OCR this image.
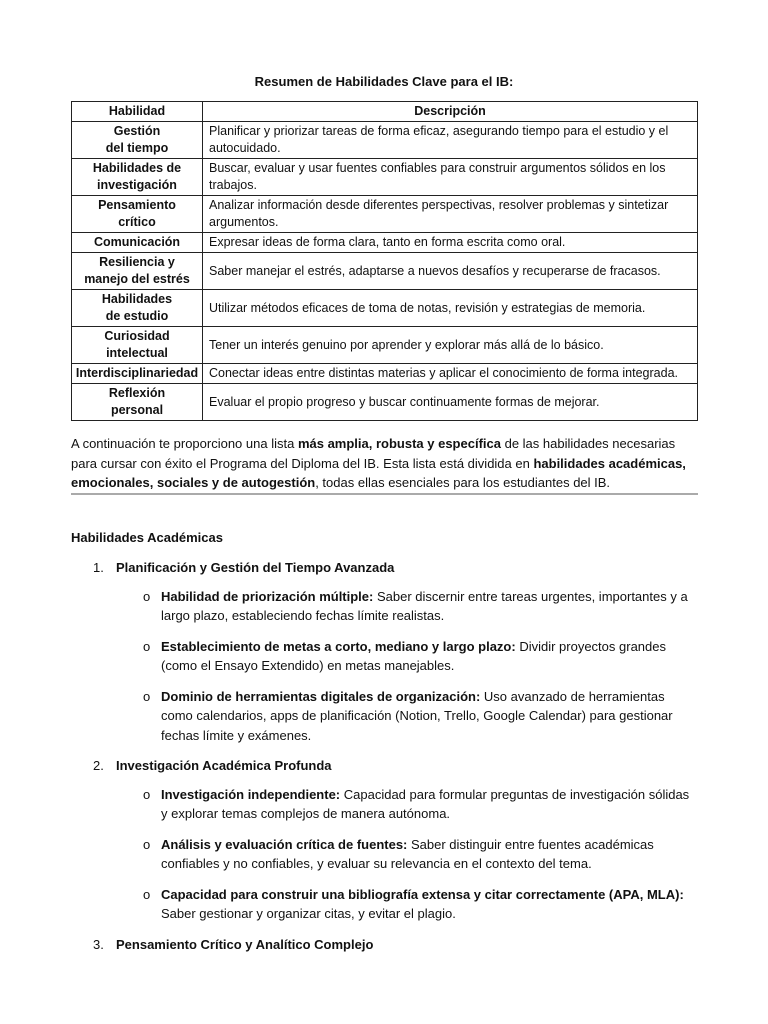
Resumen de Habilidades Clave para el IB:
Habilidad	Descripción
Gestión
del tiempo	Planificar y priorizar tareas de forma eficaz, asegurando tiempo para el estudio y el autocuidado.
Habilidades de
investigación	Buscar, evaluar y usar fuentes confiables para construir argumentos sólidos en los trabajos.
Pensamiento
crítico	Analizar información desde diferentes perspectivas, resolver problemas y sintetizar argumentos.
Comunicación	Expresar ideas de forma clara, tanto en forma escrita como oral.
Resiliencia y
manejo del estrés	Saber manejar el estrés, adaptarse a nuevos desafíos y recuperarse de fracasos.
Habilidades
de estudio	Utilizar métodos eficaces de toma de notas, revisión y estrategias de memoria.
Curiosidad
intelectual	Tener un interés genuino por aprender y explorar más allá de lo básico.
Interdisciplinariedad	Conectar ideas entre distintas materias y aplicar el conocimiento de forma integrada.
Reflexión
personal	Evaluar el propio progreso y buscar continuamente formas de mejorar.
A continuación te proporciono una lista más amplia, robusta y específica de las habilidades necesarias para cursar con éxito el Programa del Diploma del IB. Esta lista está dividida en habilidades académicas, emocionales, sociales y de autogestión, todas ellas esenciales para los estudiantes del IB.
Habilidades Académicas
1. Planificación y Gestión del Tiempo Avanzada
o Habilidad de priorización múltiple: Saber discernir entre tareas urgentes, importantes y a largo plazo, estableciendo fechas límite realistas.
o Establecimiento de metas a corto, mediano y largo plazo: Dividir proyectos grandes (como el Ensayo Extendido) en metas manejables.
o Dominio de herramientas digitales de organización: Uso avanzado de herramientas como calendarios, apps de planificación (Notion, Trello, Google Calendar) para gestionar fechas límite y exámenes.
2. Investigación Académica Profunda
o Investigación independiente: Capacidad para formular preguntas de investigación sólidas y explorar temas complejos de manera autónoma.
o Análisis y evaluación crítica de fuentes: Saber distinguir entre fuentes académicas confiables y no confiables, y evaluar su relevancia en el contexto del tema.
o Capacidad para construir una bibliografía extensa y citar correctamente (APA, MLA): Saber gestionar y organizar citas, y evitar el plagio.
3. Pensamiento Crítico y Analítico Complejo
